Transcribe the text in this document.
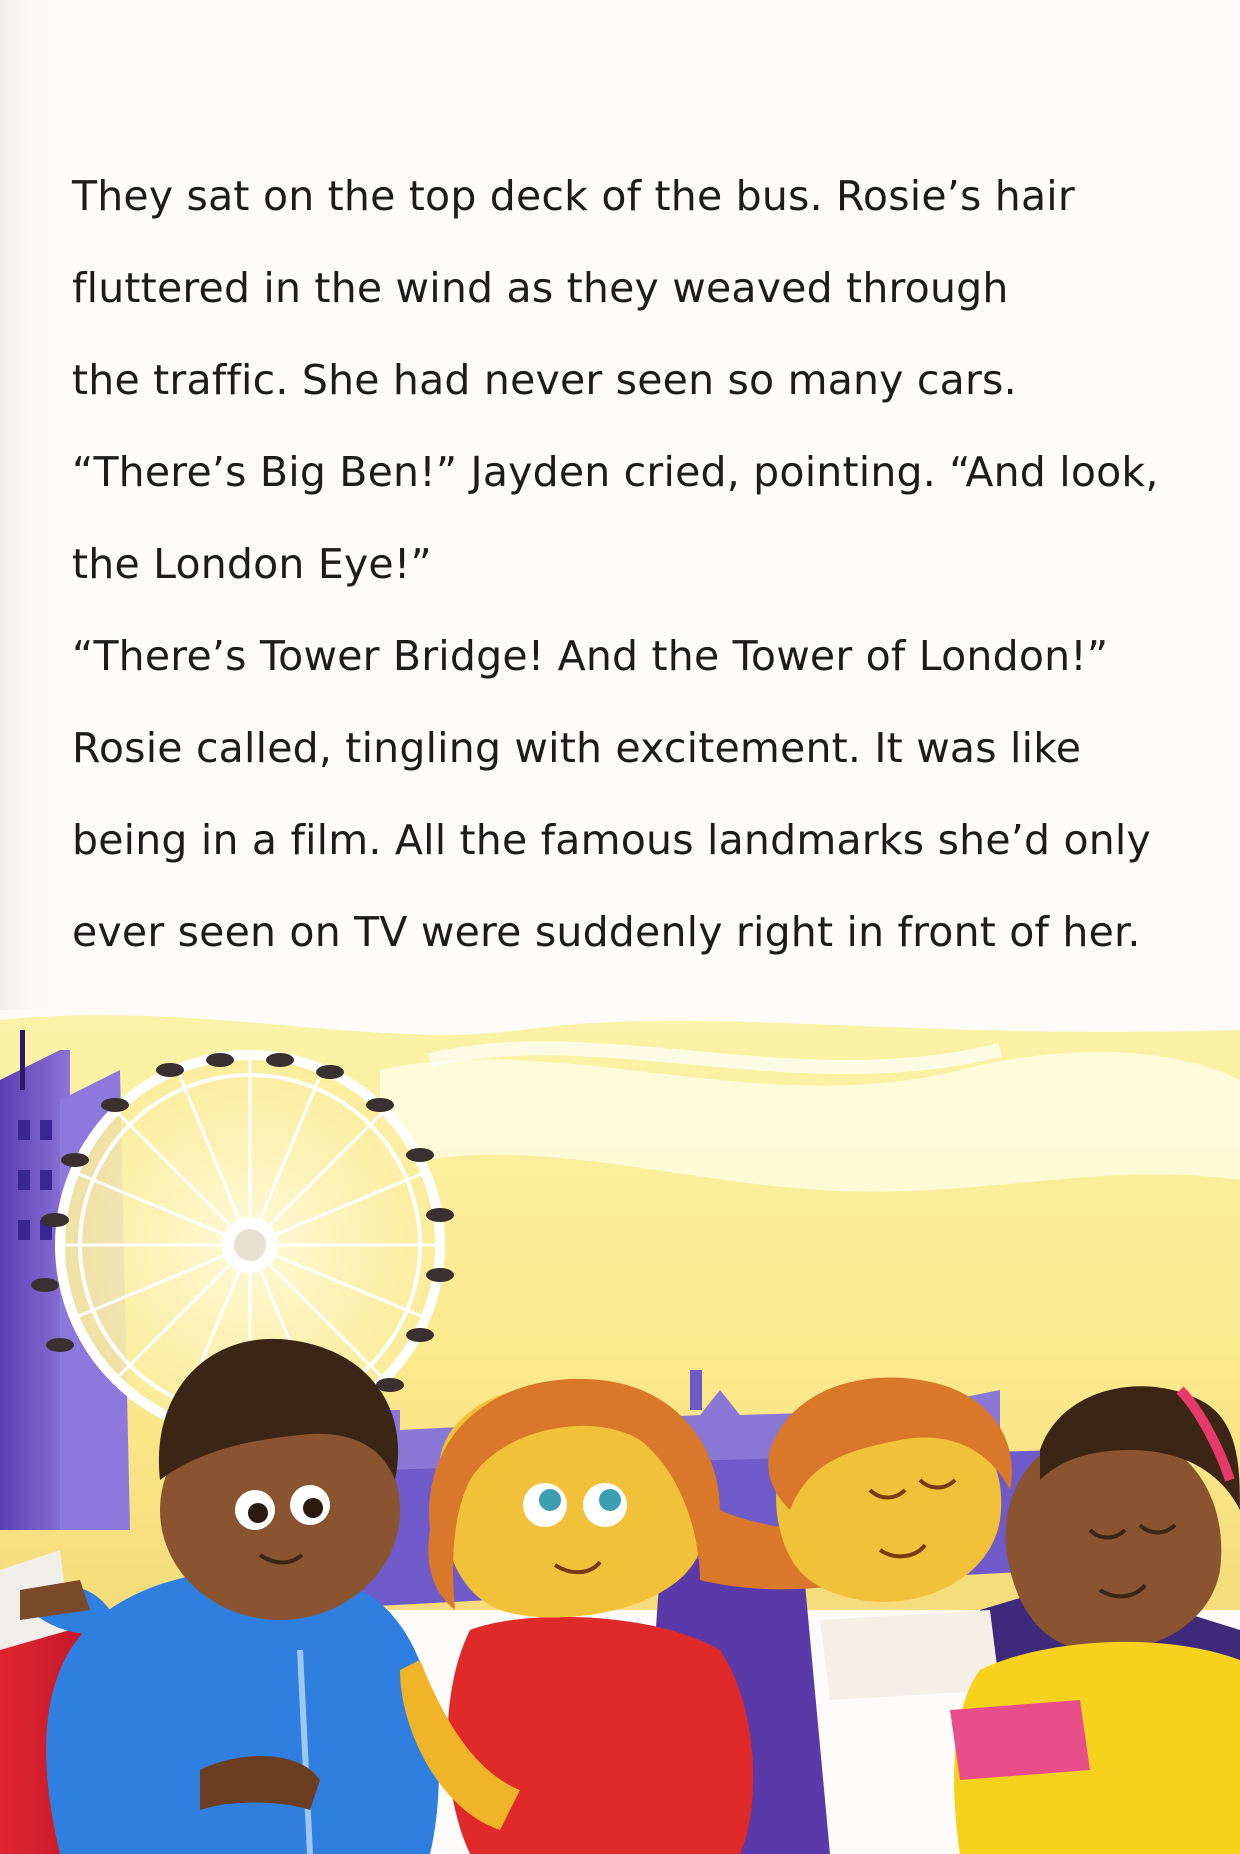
They sat on the top deck of the bus. Rosie’s hair
fluttered in the wind as they weaved through
the traffic. She had never seen so many cars.
“There’s Big Ben!” Jayden cried, pointing. “And look,
the London Eye!”
“There’s Tower Bridge! And the Tower of London!”
Rosie called, tingling with excitement. It was like
being in a film. All the famous landmarks she’d only
ever seen on TV were suddenly right in front of her.
